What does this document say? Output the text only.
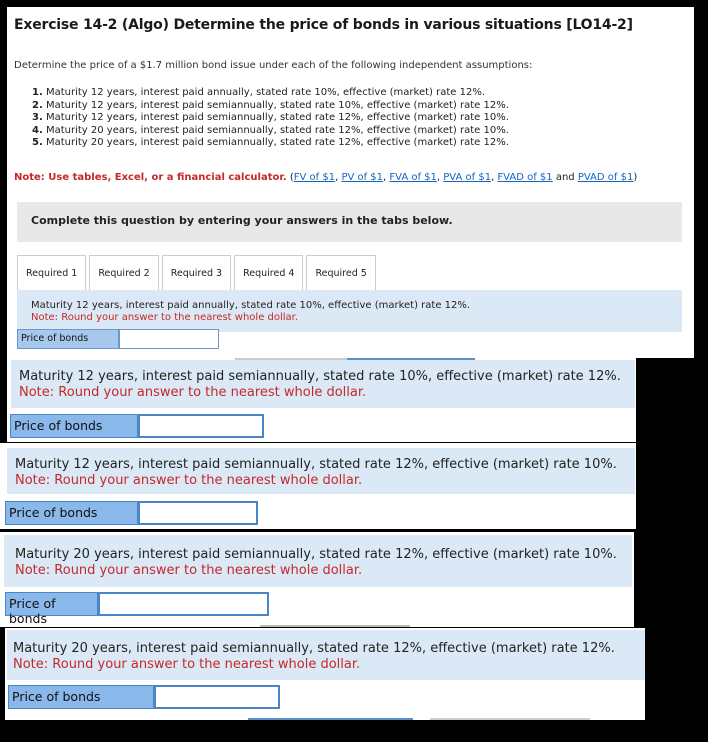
Exercise 14-2 (Algo) Determine the price of bonds in various situations [LO14-2]
Determine the price of a $1.7 million bond issue under each of the following independent assumptions:
1. Maturity 12 years, interest paid annually, stated rate 10%, effective (market) rate 12%.
2. Maturity 12 years, interest paid semiannually, stated rate 10%, effective (market) rate 12%.
3. Maturity 12 years, interest paid semiannually, stated rate 12%, effective (market) rate 10%.
4. Maturity 20 years, interest paid semiannually, stated rate 12%, effective (market) rate 10%.
5. Maturity 20 years, interest paid semiannually, stated rate 12%, effective (market) rate 12%.
Note: Use tables, Excel, or a financial calculator. (FV of $1, PV of $1, FVA of $1, PVA of $1, FVAD of $1 and PVAD of $1)
Complete this question by entering your answers in the tabs below.
Required 1	Required 2	Required 3	Required 4	Required 5
Maturity 12 years, interest paid annually, stated rate 10%, effective (market) rate 12%.
Note: Round your answer to the nearest whole dollar.
Price of bonds
Maturity 12 years, interest paid semiannually, stated rate 10%, effective (market) rate 12%.
Note: Round your answer to the nearest whole dollar.
Price of bonds
Maturity 12 years, interest paid semiannually, stated rate 12%, effective (market) rate 10%.
Note: Round your answer to the nearest whole dollar.
Price of bonds
Maturity 20 years, interest paid semiannually, stated rate 12%, effective (market) rate 10%.
Note: Round your answer to the nearest whole dollar.
Price of bonds
Maturity 20 years, interest paid semiannually, stated rate 12%, effective (market) rate 12%.
Note: Round your answer to the nearest whole dollar.
Price of bonds
